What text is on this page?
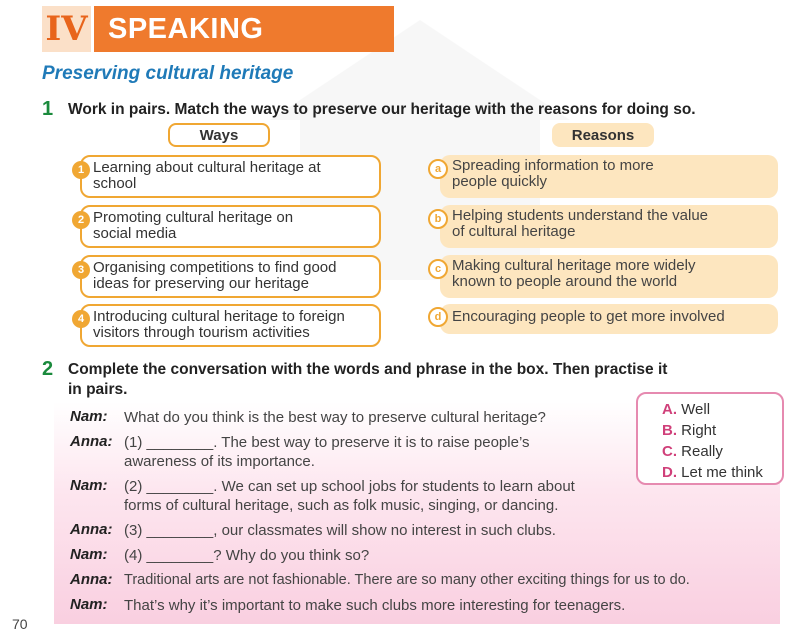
IV SPEAKING
Preserving cultural heritage
1 Work in pairs. Match the ways to preserve our heritage with the reasons for doing so.
Ways	Reasons
1 Learning about cultural heritage at
school
2 Promoting cultural heritage on
social media
3 Organising competitions to find good
ideas for preserving our heritage
4 Introducing cultural heritage to foreign
visitors through tourism activities
a Spreading information to more
people quickly
b Helping students understand the value
of cultural heritage
c Making cultural heritage more widely
known to people around the world
d Encouraging people to get more involved
2 Complete the conversation with the words and phrase in the box. Then practise it
in pairs.
Nam: What do you think is the best way to preserve cultural heritage?
Anna: (1) ________. The best way to preserve it is to raise people’s
awareness of its importance.
Nam: (2) ________. We can set up school jobs for students to learn about
forms of cultural heritage, such as folk music, singing, or dancing.
Anna: (3) ________, our classmates will show no interest in such clubs.
Nam: (4) ________? Why do you think so?
Anna: Traditional arts are not fashionable. There are so many other exciting things for us to do.
Nam: That’s why it’s important to make such clubs more interesting for teenagers.
A. Well
B. Right
C. Really
D. Let me think
70
